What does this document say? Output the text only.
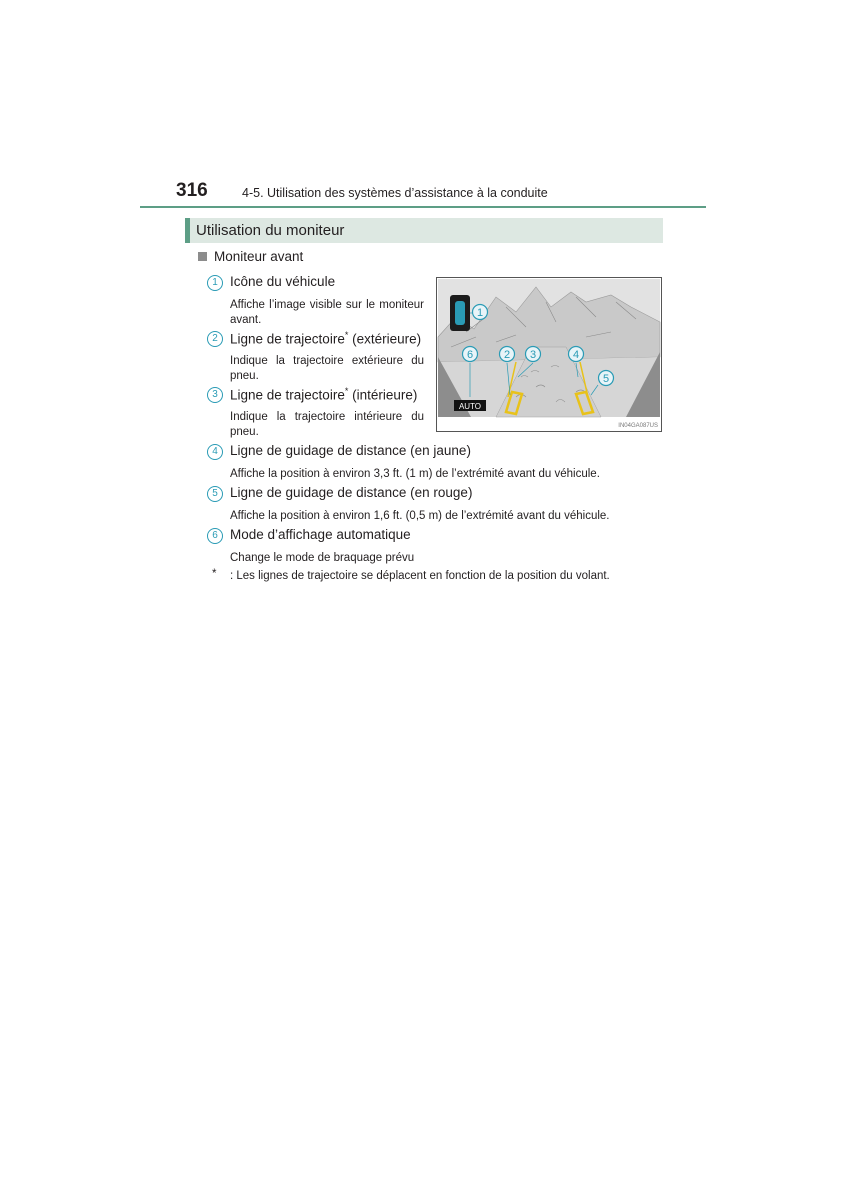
316	4-5. Utilisation des systèmes d’assistance à la conduite
Utilisation du moniteur
Moniteur avant
1 Icône du véhicule
Affiche l’image visible sur le moniteur avant.
2 Ligne de trajectoire* (extérieure)
Indique la trajectoire extérieure du pneu.
3 Ligne de trajectoire* (intérieure)
Indique la trajectoire intérieure du pneu.
4 Ligne de guidage de distance (en jaune)
Affiche la position à environ 3,3 ft. (1 m) de l’extrémité avant du véhicule.
5 Ligne de guidage de distance (en rouge)
Affiche la position à environ 1,6 ft. (0,5 m) de l’extrémité avant du véhicule.
6 Mode d’affichage automatique
Change le mode de braquage prévu
* : Les lignes de trajectoire se déplacent en fonction de la position du volant.
AUTO
1
2 3	4
5
6
IN04GA087US
